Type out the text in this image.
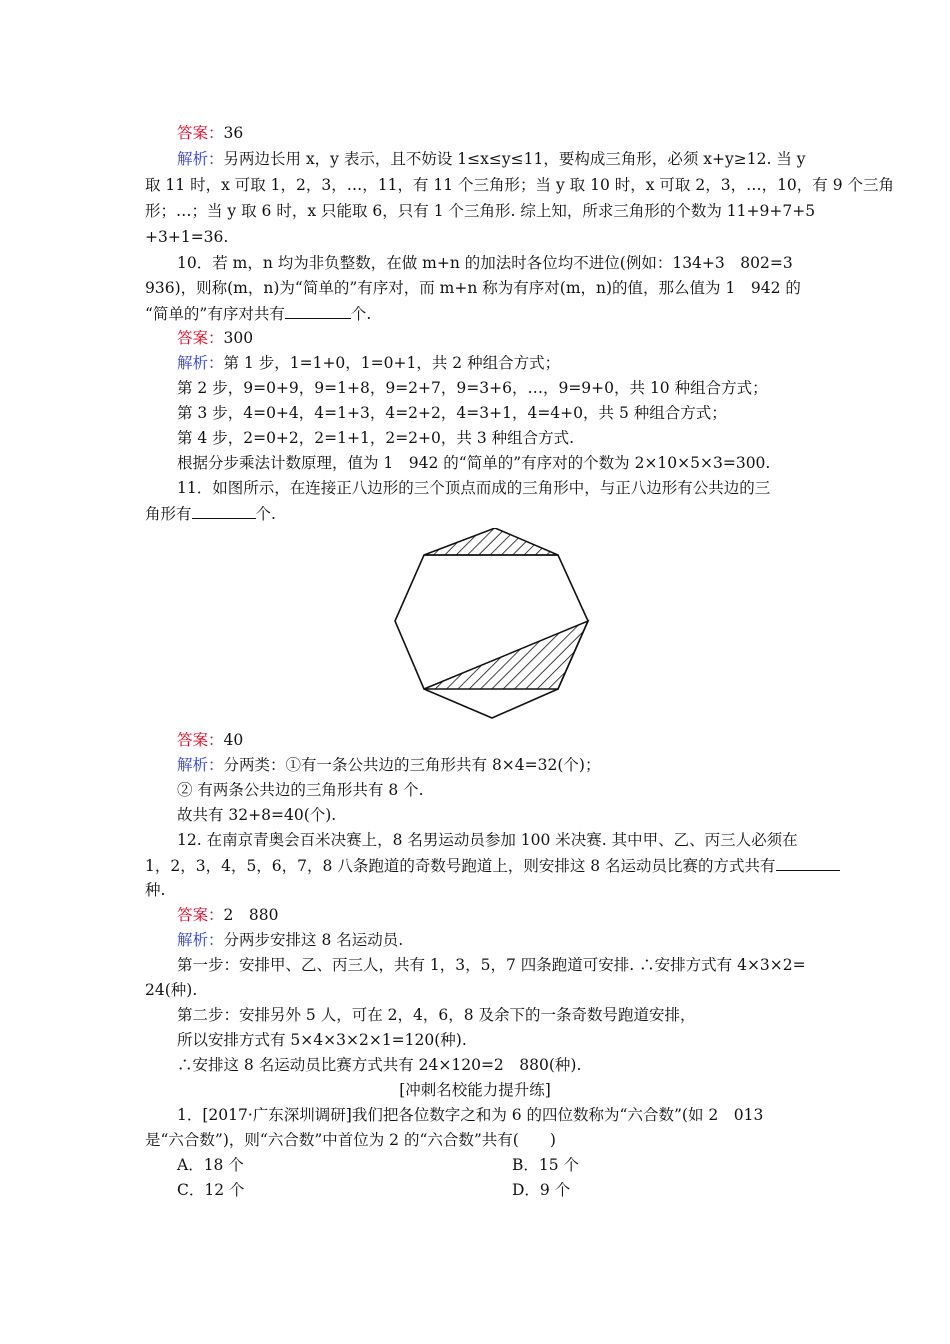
答案：36
解析：另两边长用 x，y 表示，且不妨设 1≤x≤y≤11，要构成三角形，必须 x+y≥12. 当 y
取 11 时，x 可取 1，2，3，…，11，有 11 个三角形；当 y 取 10 时，x 可取 2，3，…，10，有 9 个三角
形；…；当 y 取 6 时，x 只能取 6，只有 1 个三角形. 综上知，所求三角形的个数为 11+9+7+5
+3+1=36.
10．若 m，n 均为非负整数，在做 m+n 的加法时各位均不进位(例如：134+3　802=3
936)，则称(m，n)为“简单的”有序对，而 m+n 称为有序对(m，n)的值，那么值为 1　942 的
“简单的”有序对共有	个.
答案：300
解析：第 1 步，1=1+0，1=0+1，共 2 种组合方式；
第 2 步，9=0+9，9=1+8，9=2+7，9=3+6，…，9=9+0，共 10 种组合方式；
第 3 步，4=0+4，4=1+3，4=2+2，4=3+1，4=4+0，共 5 种组合方式；
第 4 步，2=0+2，2=1+1，2=2+0，共 3 种组合方式.
根据分步乘法计数原理，值为 1　942 的“简单的”有序对的个数为 2×10×5×3=300.
11．如图所示，在连接正八边形的三个顶点而成的三角形中，与正八边形有公共边的三
角形有	个.
答案：40
解析：分两类：①有一条公共边的三角形共有 8×4=32(个)；
② 有两条公共边的三角形共有 8 个.
故共有 32+8=40(个).
12. 在南京青奥会百米决赛上，8 名男运动员参加 100 米决赛. 其中甲、乙、丙三人必须在
1，2，3，4，5，6，7，8 八条跑道的奇数号跑道上，则安排这 8 名运动员比赛的方式共有
种.
答案：2　880
解析：分两步安排这 8 名运动员.
第一步：安排甲、乙、丙三人，共有 1，3，5，7 四条跑道可安排. ∴安排方式有 4×3×2=
24(种).
第二步：安排另外 5 人，可在 2，4，6，8 及余下的一条奇数号跑道安排，
所以安排方式有 5×4×3×2×1=120(种).
∴安排这 8 名运动员比赛方式共有 24×120=2　880(种).
[冲刺名校能力提升练]
1．[2017·广东深圳调研]我们把各位数字之和为 6 的四位数称为“六合数”(如 2　013
是“六合数”)，则“六合数”中首位为 2 的“六合数”共有(　　)
A．18 个	B．15 个
C．12 个	D．9 个
